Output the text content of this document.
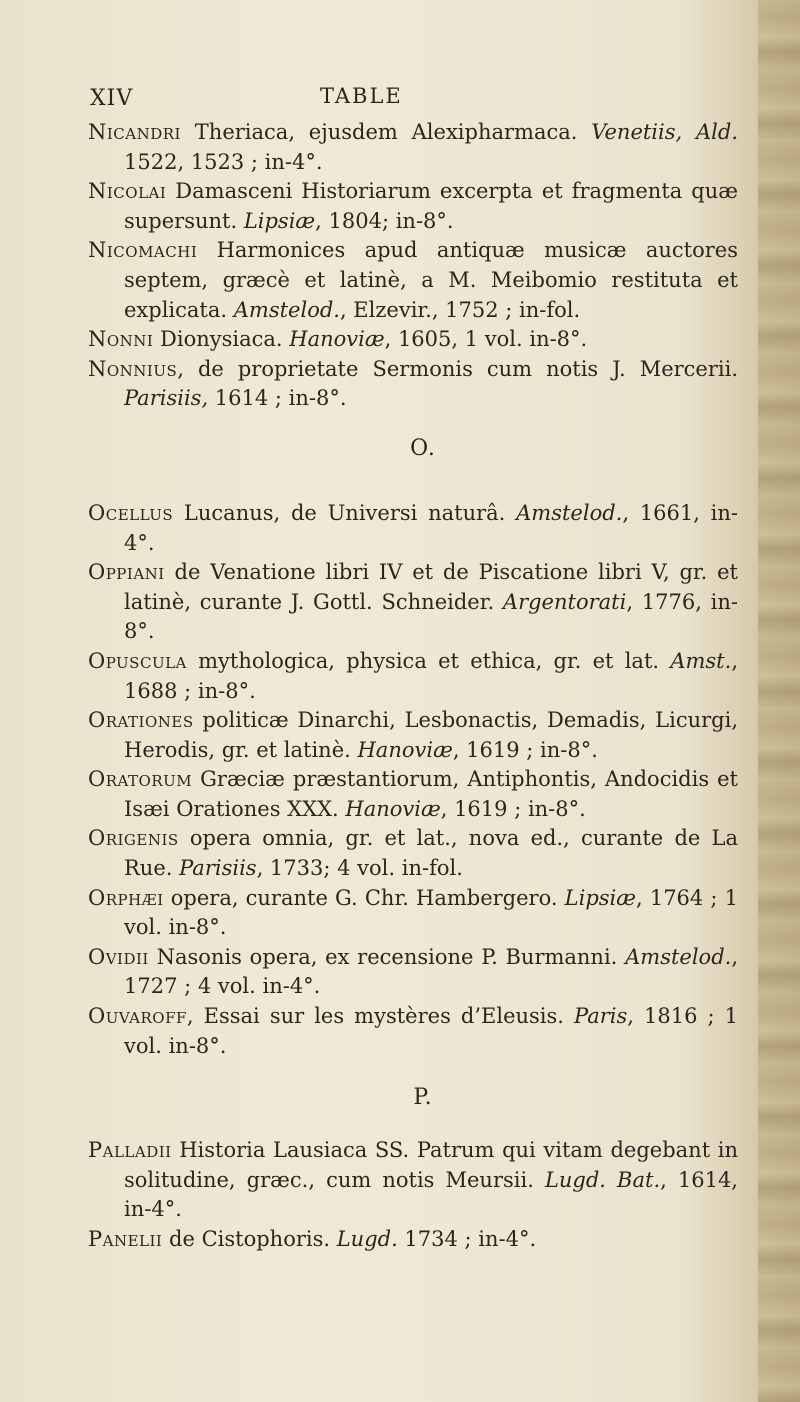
XIV	TABLE

Nicandri Theriaca, ejusdem Alexipharmaca. Venetiis, Ald. 1522, 1523 ; in-4°.

Nicolai Damasceni Historiarum excerpta et fragmenta quæ supersunt. Lipsiæ, 1804; in-8°.

Nicomachi Harmonices apud antiquæ musicæ auctores septem, græcè et latinè, a M. Meibomio restituta et explicata. Amstelod., Elzevir., 1752 ; in-fol.

Nonni Dionysiaca. Hanoviæ, 1605, 1 vol. in-8°.

Nonnius, de proprietate Sermonis cum notis J. Mercerii. Parisiis, 1614 ; in-8°.

O.

Ocellus Lucanus, de Universi naturâ. Amstelod., 1661, in-4°.

Oppiani de Venatione libri IV et de Piscatione libri V, gr. et latinè, curante J. Gottl. Schneider. Argentorati, 1776, in-8°.

Opuscula mythologica, physica et ethica, gr. et lat. Amst., 1688 ; in-8°.

Orationes politicæ Dinarchi, Lesbonactis, Demadis, Licurgi, Herodis, gr. et latinè. Hanoviæ, 1619 ; in-8°.

Oratorum Græciæ præstantiorum, Antiphontis, Andocidis et Isæi Orationes XXX. Hanoviæ, 1619 ; in-8°.

Origenis opera omnia, gr. et lat., nova ed., curante de La Rue. Parisiis, 1733; 4 vol. in-fol.

Orphæi opera, curante G. Chr. Hambergero. Lipsiæ, 1764 ; 1 vol. in-8°.

Ovidii Nasonis opera, ex recensione P. Burmanni. Amstelod., 1727 ; 4 vol. in-4°.

Ouvaroff, Essai sur les mystères d’Eleusis. Paris, 1816 ; 1 vol. in-8°.

P.

Palladii Historia Lausiaca SS. Patrum qui vitam degebant in solitudine, græc., cum notis Meursii. Lugd. Bat., 1614, in-4°.

Panelii de Cistophoris. Lugd. 1734 ; in-4°.
